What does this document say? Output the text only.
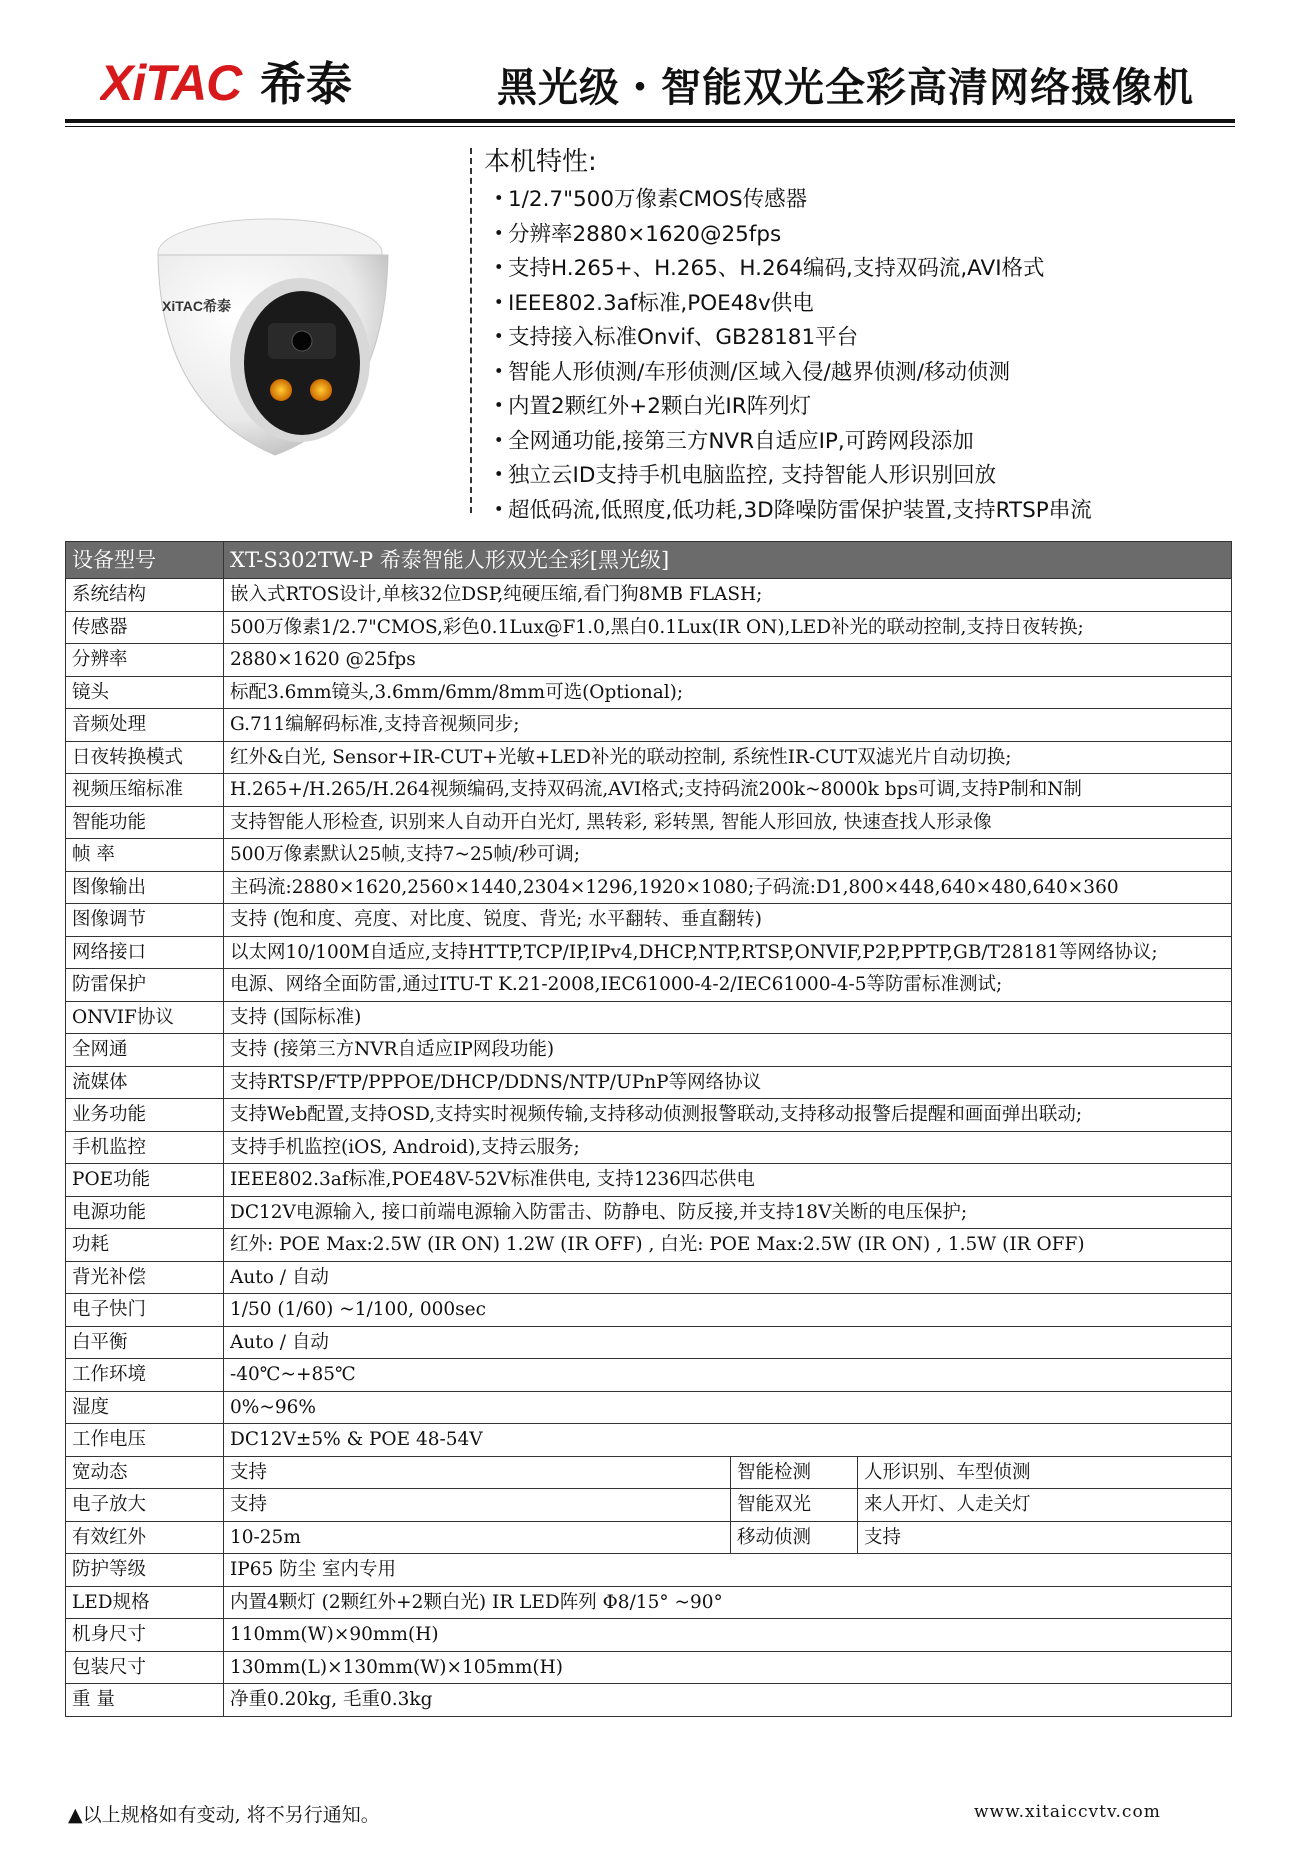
XiTAC 希泰	黑光级・智能双光全彩高清网络摄像机
XiTAC希泰
本机特性:
・1/2.7"500万像素CMOS传感器
・分辨率2880×1620@25fps
・支持H.265+、H.265、H.264编码,支持双码流,AVI格式
・IEEE802.3af标准,POE48v供电
・支持接入标准Onvif、GB28181平台
・智能人形侦测/车形侦测/区域入侵/越界侦测/移动侦测
・内置2颗红外+2颗白光IR阵列灯
・全网通功能,接第三方NVR自适应IP,可跨网段添加
・独立云ID支持手机电脑监控, 支持智能人形识别回放
・超低码流,低照度,低功耗,3D降噪防雷保护装置,支持RTSP串流
设备型号	XT-S302TW-P 希泰智能人形双光全彩[黑光级]		
系统结构	嵌入式RTOS设计,单核32位DSP,纯硬压缩,看门狗8MB FLASH;		
传感器	500万像素1/2.7"CMOS,彩色0.1Lux@F1.0,黑白0.1Lux(IR ON),LED补光的联动控制,支持日夜转换;		
分辨率	2880×1620 @25fps		
镜头	标配3.6mm镜头,3.6mm/6mm/8mm可选(Optional);		
音频处理	G.711编解码标准,支持音视频同步;		
日夜转换模式	红外&白光, Sensor+IR-CUT+光敏+LED补光的联动控制, 系统性IR-CUT双滤光片自动切换;		
视频压缩标准	H.265+/H.265/H.264视频编码,支持双码流,AVI格式;支持码流200k~8000k bps可调,支持P制和N制		
智能功能	支持智能人形检查, 识别来人自动开白光灯, 黑转彩, 彩转黑, 智能人形回放, 快速查找人形录像		
帧 率	500万像素默认25帧,支持7~25帧/秒可调;		
图像输出	主码流:2880×1620,2560×1440,2304×1296,1920×1080;子码流:D1,800×448,640×480,640×360		
图像调节	支持 (饱和度、亮度、对比度、锐度、背光; 水平翻转、垂直翻转)		
网络接口	以太网10/100M自适应,支持HTTP,TCP/IP,IPv4,DHCP,NTP,RTSP,ONVIF,P2P,PPTP,GB/T28181等网络协议;		
防雷保护	电源、网络全面防雷,通过ITU-T K.21-2008,IEC61000-4-2/IEC61000-4-5等防雷标准测试;		
ONVIF协议	支持 (国际标准)		
全网通	支持 (接第三方NVR自适应IP网段功能)		
流媒体	支持RTSP/FTP/PPPOE/DHCP/DDNS/NTP/UPnP等网络协议		
业务功能	支持Web配置,支持OSD,支持实时视频传输,支持移动侦测报警联动,支持移动报警后提醒和画面弹出联动;		
手机监控	支持手机监控(iOS, Android),支持云服务;		
POE功能	IEEE802.3af标准,POE48V-52V标准供电, 支持1236四芯供电		
电源功能	DC12V电源输入, 接口前端电源输入防雷击、防静电、防反接,并支持18V关断的电压保护;		
功耗	红外: POE Max:2.5W (IR ON) 1.2W (IR OFF) , 白光: POE Max:2.5W (IR ON) , 1.5W (IR OFF)		
背光补偿	Auto / 自动		
电子快门	1/50 (1/60) ~1/100, 000sec		
白平衡	Auto / 自动		
工作环境	-40℃~+85℃		
湿度	0%~96%		
工作电压	DC12V±5% & POE 48-54V		
宽动态	支持	智能检测	人形识别、车型侦测
电子放大	支持	智能双光	来人开灯、人走关灯
有效红外	10-25m	移动侦测	支持
防护等级	IP65 防尘 室内专用		
LED规格	内置4颗灯 (2颗红外+2颗白光) IR LED阵列 Φ8/15° ~90°		
机身尺寸	110mm(W)×90mm(H)		
包装尺寸	130mm(L)×130mm(W)×105mm(H)		
重 量	净重0.20kg, 毛重0.3kg		
▲以上规格如有变动, 将不另行通知。	www.xitaiccvtv.com
